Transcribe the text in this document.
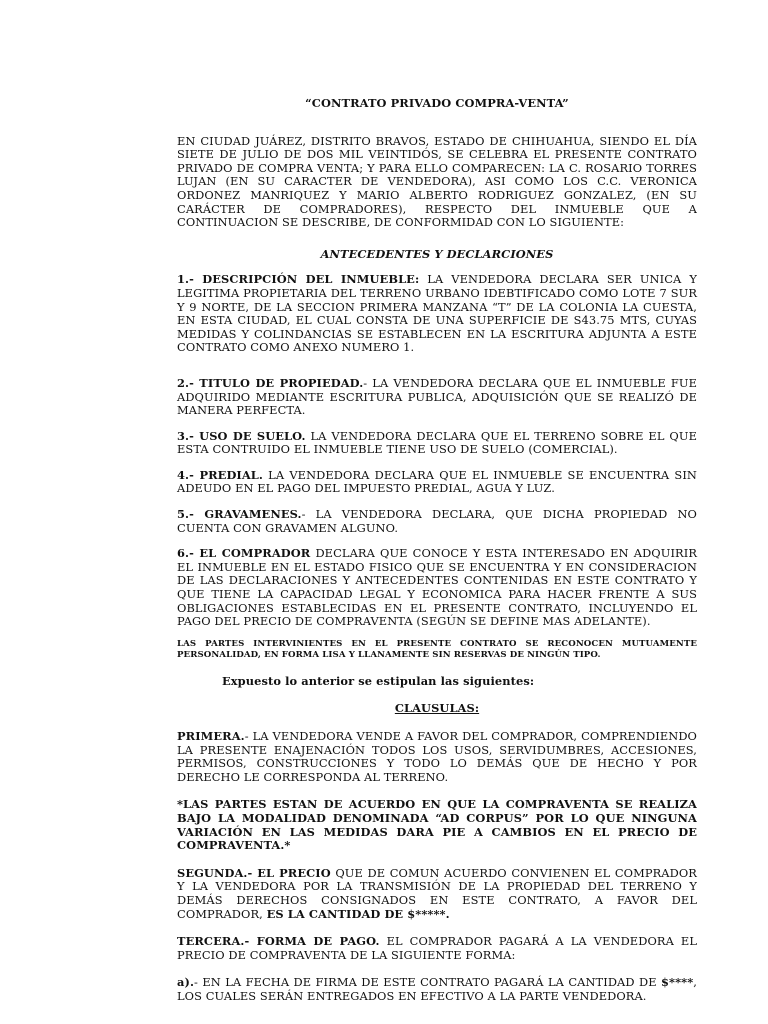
“CONTRATO PRIVADO COMPRA-VENTA”

EN CIUDAD JUÁREZ, DISTRITO BRAVOS, ESTADO DE CHIHUAHUA, SIENDO EL DÍA SIETE DE JULIO DE DOS MIL VEINTIDÓS, SE CELEBRA EL PRESENTE CONTRATO PRIVADO DE COMPRA VENTA; Y PARA ELLO COMPARECEN: LA C. ROSARIO TORRES LUJAN (EN SU CARACTER DE VENDEDORA), ASI COMO LOS C.C. VERONICA ORDONEZ MANRIQUEZ Y MARIO ALBERTO RODRIGUEZ GONZALEZ, (EN SU CARÁCTER DE COMPRADORES), RESPECTO DEL INMUEBLE QUE A CONTINUACION SE DESCRIBE, DE CONFORMIDAD CON LO SIGUIENTE:

ANTECEDENTES Y DECLARCIONES

1.- DESCRIPCIÓN DEL INMUEBLE: LA VENDEDORA DECLARA SER UNICA Y LEGITIMA PROPIETARIA DEL TERRENO URBANO IDEBTIFICADO COMO LOTE 7 SUR Y 9 NORTE, DE LA SECCION PRIMERA MANZANA “T” DE LA COLONIA LA CUESTA, EN ESTA CIUDAD, EL CUAL CONSTA DE UNA SUPERFICIE DE S43.75 MTS, CUYAS MEDIDAS Y COLINDANCIAS SE ESTABLECEN EN LA ESCRITURA ADJUNTA A ESTE CONTRATO COMO ANEXO NUMERO 1.

2.- TITULO DE PROPIEDAD.- LA VENDEDORA DECLARA QUE EL INMUEBLE FUE ADQUIRIDO MEDIANTE ESCRITURA PUBLICA, ADQUISICIÓN QUE SE REALIZÓ DE MANERA PERFECTA.

3.- USO DE SUELO. LA VENDEDORA DECLARA QUE EL TERRENO SOBRE EL QUE ESTA CONTRUIDO EL INMUEBLE TIENE USO DE SUELO (COMERCIAL).

4.- PREDIAL. LA VENDEDORA DECLARA QUE EL INMUEBLE SE ENCUENTRA SIN ADEUDO EN EL PAGO DEL IMPUESTO PREDIAL, AGUA Y LUZ.

5.- GRAVAMENES.- LA VENDEDORA DECLARA, QUE DICHA PROPIEDAD NO CUENTA CON GRAVAMEN ALGUNO.

6.- EL COMPRADOR DECLARA QUE CONOCE Y ESTA INTERESADO EN ADQUIRIR EL INMUEBLE EN EL ESTADO FISICO QUE SE ENCUENTRA Y EN CONSIDERACION DE LAS DECLARACIONES Y ANTECEDENTES CONTENIDAS EN ESTE CONTRATO Y QUE TIENE LA CAPACIDAD LEGAL Y ECONOMICA PARA HACER FRENTE A SUS OBLIGACIONES ESTABLECIDAS EN EL PRESENTE CONTRATO, INCLUYENDO EL PAGO DEL PRECIO DE COMPRAVENTA (SEGÚN SE DEFINE MAS ADELANTE).

LAS PARTES INTERVINIENTES EN EL PRESENTE CONTRATO SE RECONOCEN MUTUAMENTE PERSONALIDAD, EN FORMA LISA Y LLANAMENTE SIN RESERVAS DE NINGÚN TIPO.

Expuesto lo anterior se estipulan las siguientes:

CLAUSULAS:

PRIMERA.- LA VENDEDORA VENDE A FAVOR DEL COMPRADOR, COMPRENDIENDO LA PRESENTE ENAJENACIÓN TODOS LOS USOS, SERVIDUMBRES, ACCESIONES, PERMISOS, CONSTRUCCIONES Y TODO LO DEMÁS QUE DE HECHO Y POR DERECHO LE CORRESPONDA AL TERRENO.

*LAS PARTES ESTAN DE ACUERDO EN QUE LA COMPRAVENTA SE REALIZA BAJO LA MODALIDAD DENOMINADA “AD CORPUS” POR LO QUE NINGUNA VARIACIÓN EN LAS MEDIDAS DARA PIE A CAMBIOS EN EL PRECIO DE COMPRAVENTA.*

SEGUNDA.- EL PRECIO QUE DE COMUN ACUERDO CONVIENEN EL COMPRADOR Y LA VENDEDORA POR LA TRANSMISIÓN DE LA PROPIEDAD DEL TERRENO Y DEMÁS DERECHOS CONSIGNADOS EN ESTE CONTRATO, A FAVOR DEL COMPRADOR, ES LA CANTIDAD DE $*****.

TERCERA.- FORMA DE PAGO. EL COMPRADOR PAGARÁ A LA VENDEDORA EL PRECIO DE COMPRAVENTA DE LA SIGUIENTE FORMA:

a).- EN LA FECHA DE FIRMA DE ESTE CONTRATO PAGARÁ LA CANTIDAD DE $****, LOS CUALES SERÁN ENTREGADOS EN EFECTIVO A LA PARTE VENDEDORA.
